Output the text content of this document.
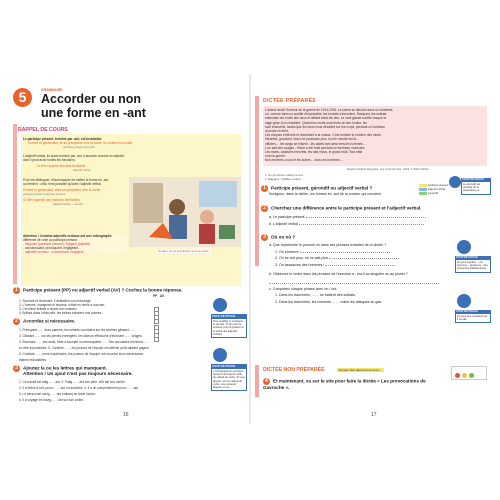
5	GRAMMAIRE
Accorder ou non
une forme en -ant
RAPPEL DE COURS
Le participe présent, terminé par -ant, est invariable.
Hurlant et gesticulant, ils se précipitent vers la sortie. Ils sortent en hurlant.
participe présent gérondif
L'adjectif verbal, lui aussi terminé par -ant, s'accorde comme un adjectif
dont il peut avoir toutes les fonctions.
Le film rappelle des faits terrifiants.
adjectif verbal
Hurlant, ils se précipitent vers la sortie.
Pour les distinguer, il faut essayer de mettre la forme en -ant
au féminin : celui n'est possible qu'avec l'adjectif verbal.
Hurlant et gesticulant, elles se précipitent vers la sortie.
participe présent participe présent
Ce film rappelle des histoires terrifiantes.
adjectif verbal — accord
Attention ! Certains adjectifs verbaux ont une orthographe
différente de celle du participe présent :
- fatiguant (participe présent) / fatigant (adjectif)
- convainquant, provoquant, négligeant…
- adjectifs verbaux : convaincant, négligent…
1 Participe présent (PP) ou adjectif verbal (AV) ? Cochez la bonne réponse.
PP AV
1. Souriant et charmant, il déblatère son entourage.
2. L'homme, mangeant le bouteur, s'était en remis à coucher.
3. Cet élève brillant a réussi son examen.
4. Brillant dans l'obscurité, les étoiles éclairent nos soirées.

COUP DE POUCE
Pour qualifier Il, remplace-le par elle. Si l'on peut le soulever pour le présent et le verbe des adjectifs verbaux.
2 Accordez si nécessaire.
1. Prévoyant…… leurs parents, les enfants courraient sur les sentiers glissant……
2. Glissant…… sur les pentes enneigées, les skieurs effectuent d'étonnant…… virages.
3. Étonnant…… ses amis, Sam a accepté un remarquable…… Ses accolades étonnent……
en être épouvantés. 5. Confiant……, les joueurs de l'équipe ont affirmé qu'ils allaient gagner.
6. Confiant……, leurs inquiétudes, les joueurs de l'équipe ont recontré leurs adversaires
étaient redoutables.
3 Ajoutez la ou les lettres qui manquent.
Attention ! Un ajout n'est pas toujours nécessaire.
1. Ce travail est fatig…… ant. 2. Fatig…… ant son père, elle fait son cartier.
3. Il a freiné à but, provo…… ant un accident. 4. Il a un comportement provo…… ant.
5. Le personnel navig…… ant embarq ue dans l'avion.
6. Il a voyagé en navig…… ant sur son voilier.
COUP DE POUCE
L'orthographe du participe présent est toujours celle du radical du verbe. Si vous ajoutez -ant au radical du verbe, vous obtenez fatiguer et vos…
16
DICTÉE PRÉPARÉE
L'auteur décrit l'horreur de la guerre de 1914-1918. La scène se déroule dans un cimetière,
où, comme dans un souffle d'impossible, les tombes s'écroulent. Rampant, les soldats
entendent les bruits des obus et sifflant dans les airs. Le vent glacial souffle lorsque la
cage grise d'un cimetière. Quand les morts sont levés de leur tombe, les
sont ensevelis, tandis que les obus nous dévalent sur les corps, pendant ce tombeau
la pente en terre.
Les cloques s'élèvent et retombent à la masse. C'est tombée le nombre des morts
ébranlés, grondant. Nous ne poussons plus, tout le monde est là…
officiers… les rangs se brisent…les balles font ainsi vers les hommes…
L'on sait des nuages ; l'hiver a été froid pendant ce tombeau mortuaire,
Les morts, cadavres meurtris, les rats repus, le grand bruit. Tout était
c'est la guerre.
Nos ennemis, nous et les autres… tous ces hommes…
D'après Roland Dorgelès, Les Croix de bois, 1919, © Albin Michel
1. Ce qui donne, estime le sud.
2. Bagages : habillée couleur…
1 Participe présent, gérondif ou adjectif verbal ?
Surlignez, dans la dictée, les formes en -ant de la couleur qui convient.
participe présent
adjectif verbal
gérondif
COUP DE POUCE
Le gérondif est précédé de la préposition en.
2 Cherchez une différence entre le participe présent et l'adjectif verbal.
a. Le participe présent
b. L'adjectif verbal
3 Où ou où ?
a. Que représente le pronom on dans ces phrases extraites de la dictée ?
1. On s'enterre
2. On se voit plus, on ne sait plus
3. On assassine des hommes !
b. Observez le verbe dans les phrases de l'exercice a : est-il au singulier ou au pluriel ?
c. Complétez chaque phrase avec on / ont.
1. Dans les tranchées, …… se battent des soldats.
2. Dans les tranchées, les hommes …… craint les attaques au gaz.
COUP DE POUCE
On peut signifier : - les hommes, - quelqu'un - des personnes indéterminées.
COUP DE POUCE
On peut être remplacé par il ou elle.
DICTÉE NON PRÉPARÉE	Ecoutez bien attentivement avec…
4 Et maintenant, va sur le site pour faire la dictée « Les provocations de Gavroche ».
17
